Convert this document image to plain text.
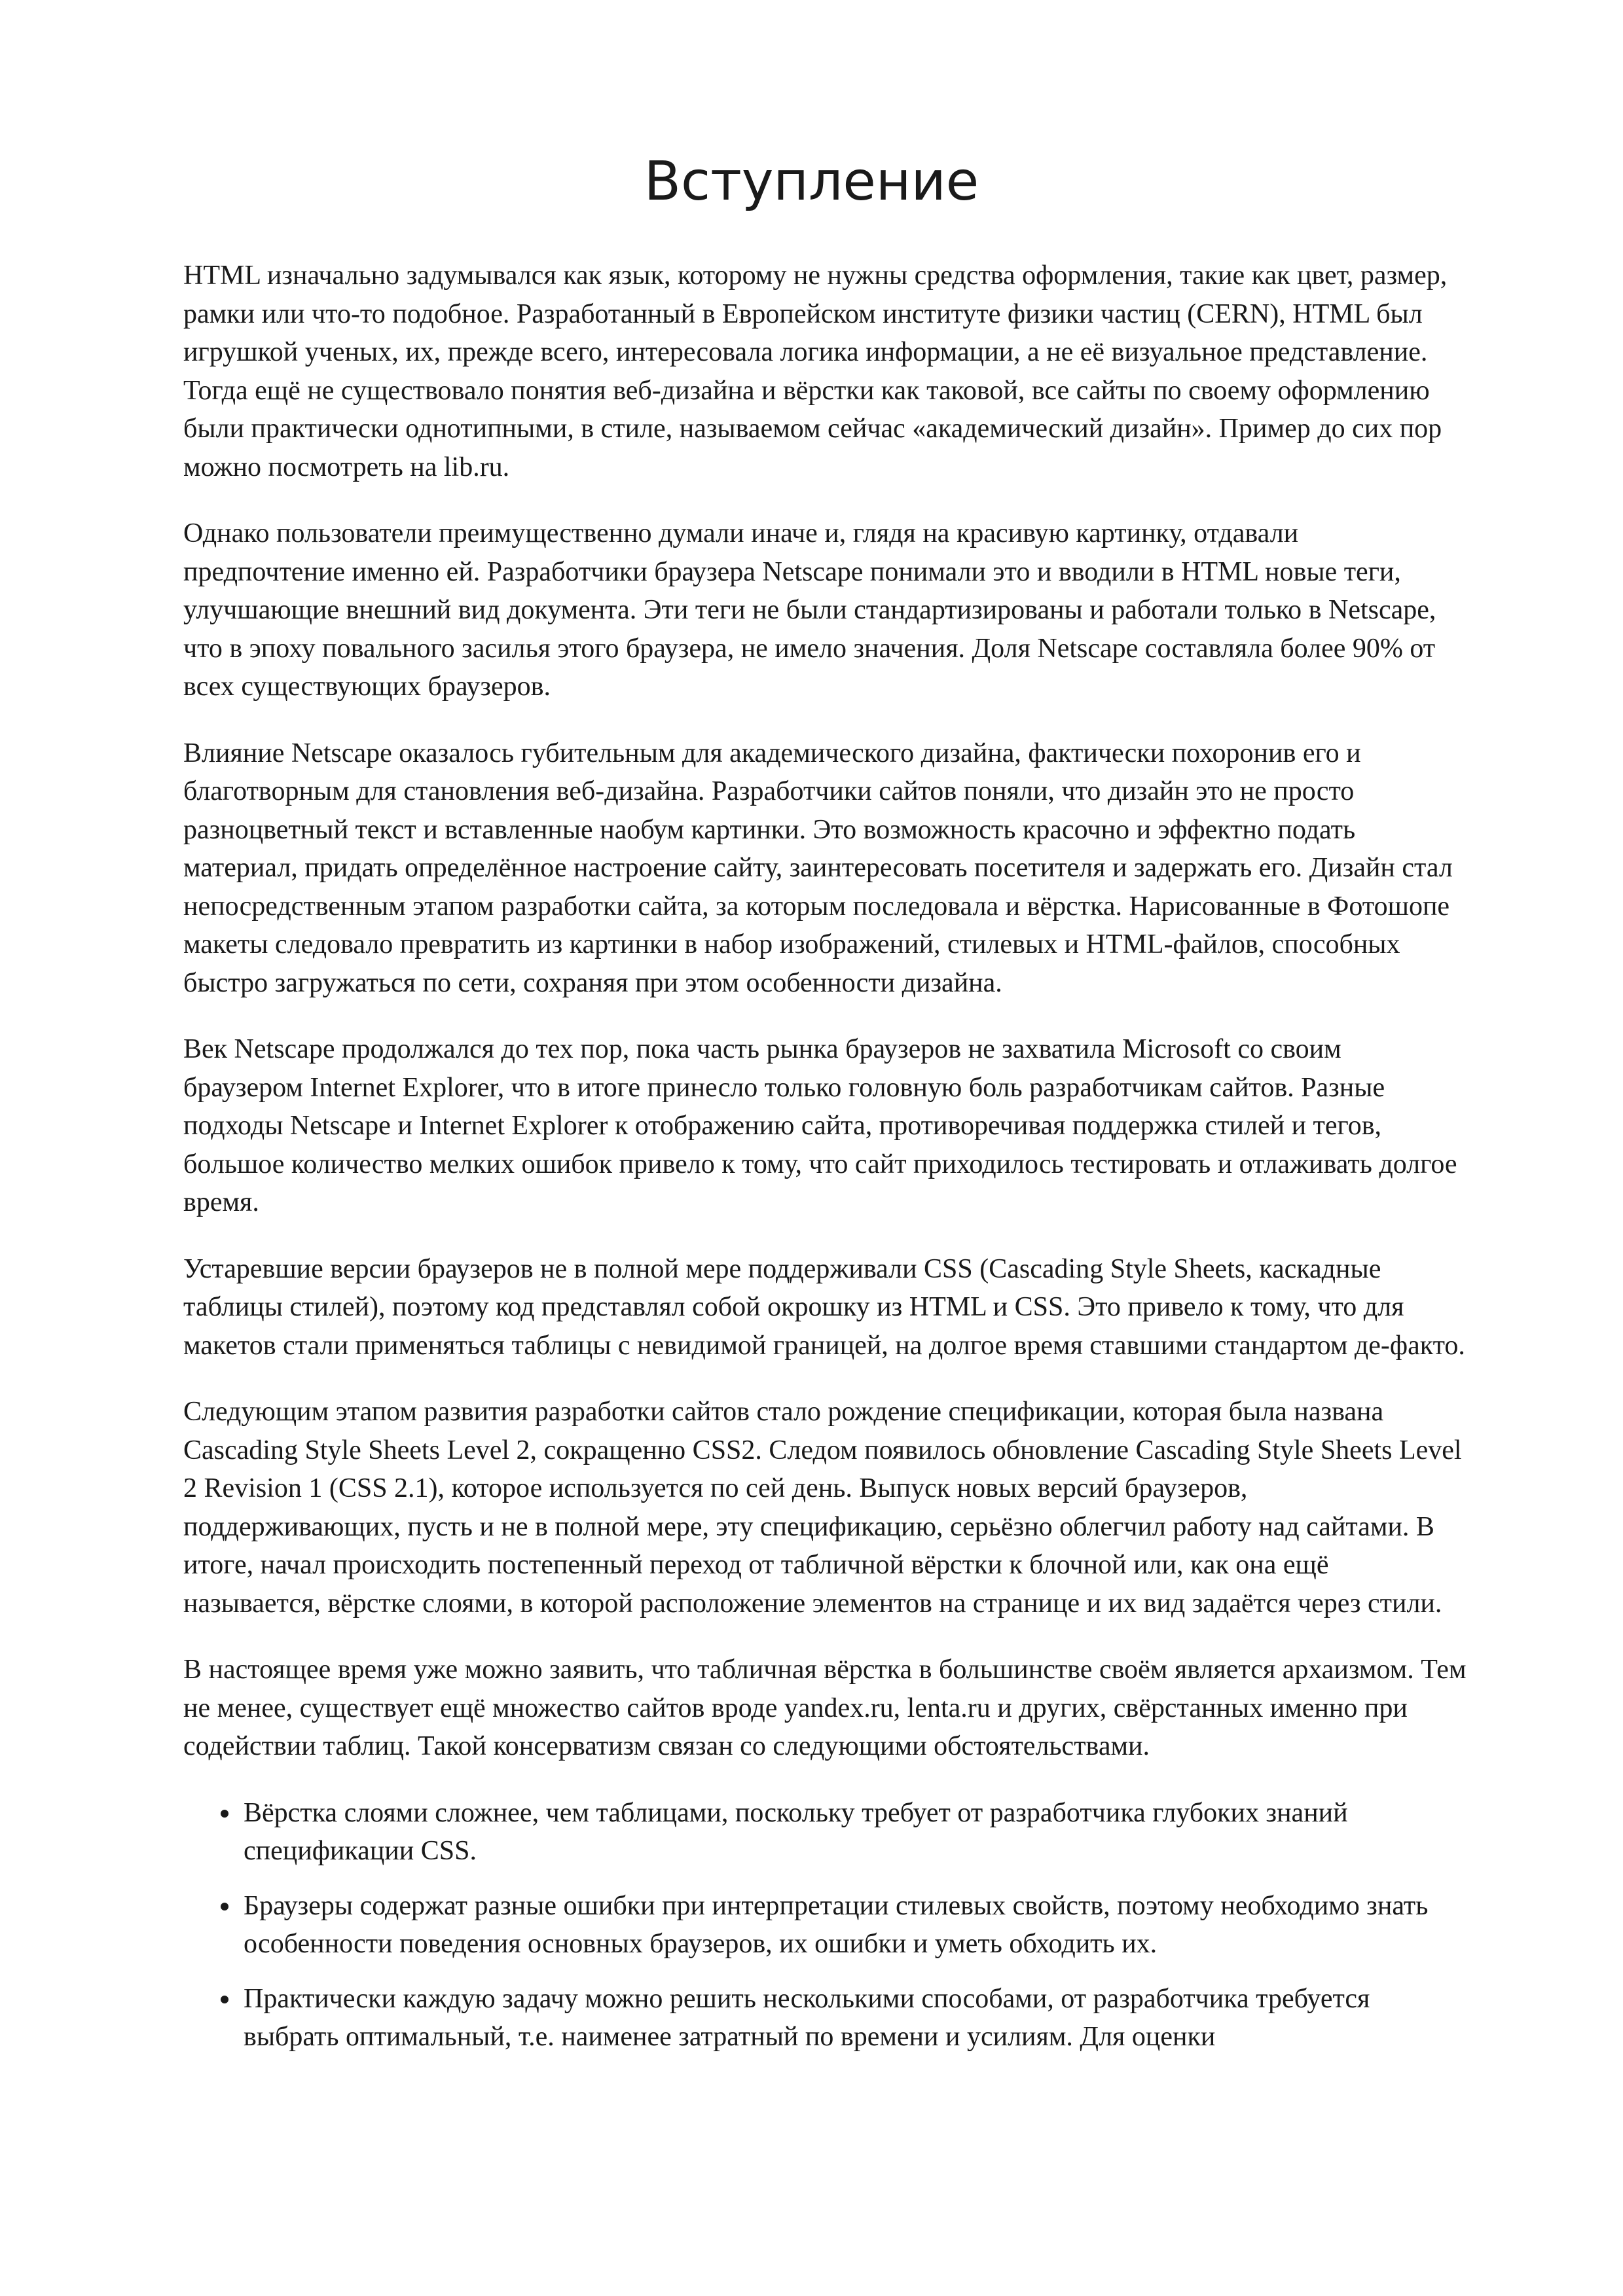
Вступление

HTML изначально задумывался как язык, которому не нужны средства оформления, такие как цвет, размер, рамки или что-то подобное. Разработанный в Европейском институте физики частиц (CERN), HTML был игрушкой ученых, их, прежде всего, интересовала логика информации, а не её визуальное представление. Тогда ещё не существовало понятия веб-дизайна и вёрстки как таковой, все сайты по своему оформлению были практически однотипными, в стиле, называемом сейчас «академический дизайн». Пример до сих пор можно посмотреть на lib.ru.

Однако пользователи преимущественно думали иначе и, глядя на красивую картинку, отдавали предпочтение именно ей. Разработчики браузера Netscape понимали это и вводили в HTML новые теги, улучшающие внешний вид документа. Эти теги не были стандартизированы и работали только в Netscape, что в эпоху повального засилья этого браузера, не имело значения. Доля Netscape составляла более 90% от всех существующих браузеров.

Влияние Netscape оказалось губительным для академического дизайна, фактически похоронив его и благотворным для становления веб-дизайна. Разработчики сайтов поняли, что дизайн это не просто разноцветный текст и вставленные наобум картинки. Это возможность красочно и эффектно подать материал, придать определённое настроение сайту, заинтересовать посетителя и задержать его. Дизайн стал непосредственным этапом разработки сайта, за которым последовала и вёрстка. Нарисованные в Фотошопе макеты следовало превратить из картинки в набор изображений, стилевых и HTML-файлов, способных быстро загружаться по сети, сохраняя при этом особенности дизайна.

Век Netscape продолжался до тех пор, пока часть рынка браузеров не захватила Microsoft со своим браузером Internet Explorer, что в итоге принесло только головную боль разработчикам сайтов. Разные подходы Netscape и Internet Explorer к отображению сайта, противоречивая поддержка стилей и тегов, большое количество мелких ошибок привело к тому, что сайт приходилось тестировать и отлаживать долгое время.

Устаревшие версии браузеров не в полной мере поддерживали CSS (Cascading Style Sheets, каскадные таблицы стилей), поэтому код представлял собой окрошку из HTML и CSS. Это привело к тому, что для макетов стали применяться таблицы с невидимой границей, на долгое время ставшими стандартом де-факто.

Следующим этапом развития разработки сайтов стало рождение спецификации, которая была названа Cascading Style Sheets Level 2, сокращенно CSS2. Следом появилось обновление Cascading Style Sheets Level 2 Revision 1 (CSS 2.1), которое используется по сей день. Выпуск новых версий браузеров, поддерживающих, пусть и не в полной мере, эту спецификацию, серьёзно облегчил работу над сайтами. В итоге, начал происходить постепенный переход от табличной вёрстки к блочной или, как она ещё называется, вёрстке слоями, в которой расположение элементов на странице и их вид задаётся через стили.

В настоящее время уже можно заявить, что табличная вёрстка в большинстве своём является архаизмом. Тем не менее, существует ещё множество сайтов вроде yandex.ru, lenta.ru и других, свёрстанных именно при содействии таблиц. Такой консерватизм связан со следующими обстоятельствами.

• Вёрстка слоями сложнее, чем таблицами, поскольку требует от разработчика глубоких знаний спецификации CSS.
• Браузеры содержат разные ошибки при интерпретации стилевых свойств, поэтому необходимо знать особенности поведения основных браузеров, их ошибки и уметь обходить их.
• Практически каждую задачу можно решить несколькими способами, от разработчика требуется выбрать оптимальный, т.е. наименее затратный по времени и усилиям. Для оценки
